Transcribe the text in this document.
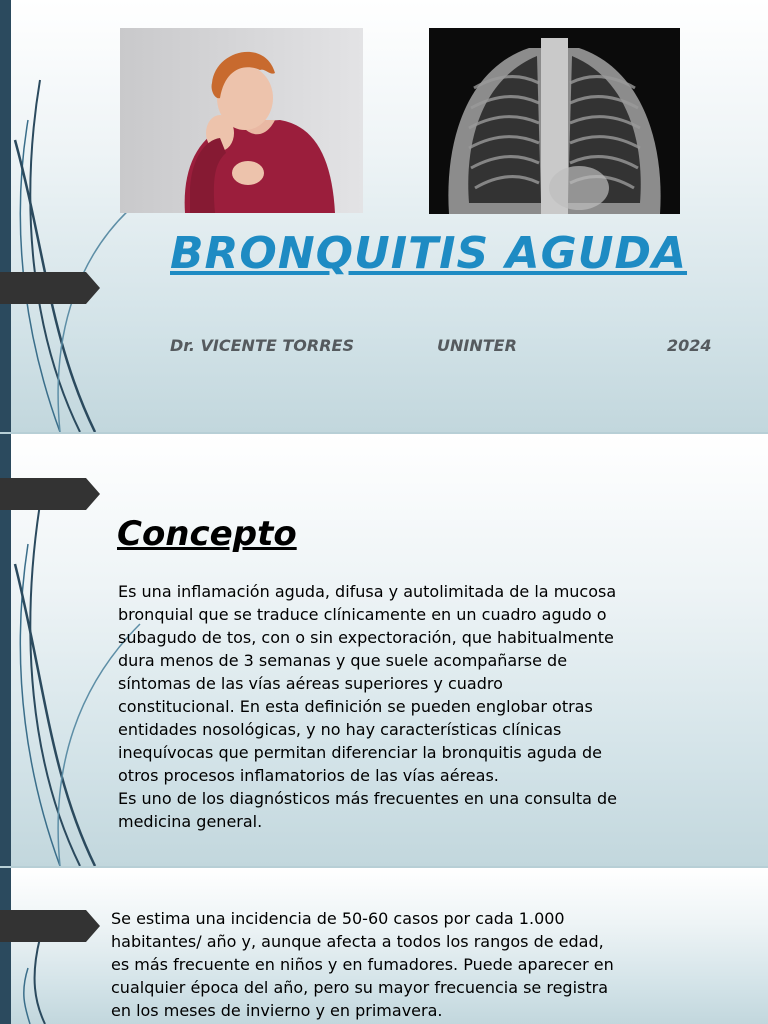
BRONQUITIS AGUDA

Dr. VICENTE TORRES	UNINTER	2024

Concepto
Es una inflamación aguda, difusa y autolimitada de la mucosa
bronquial que se traduce clínicamente en un cuadro agudo o
subagudo de tos, con o sin expectoración, que habitualmente
dura menos de 3 semanas y que suele acompañarse de
síntomas de las vías aéreas superiores y cuadro
constitucional. En esta definición se pueden englobar otras
entidades nosológicas, y no hay características clínicas
inequívocas que permitan diferenciar la bronquitis aguda de
otros procesos inflamatorios de las vías aéreas.
Es uno de los diagnósticos más frecuentes en una consulta de
medicina general.
Se estima una incidencia de 50-60 casos por cada 1.000
habitantes/ año y, aunque afecta a todos los rangos de edad,
es más frecuente en niños y en fumadores. Puede aparecer en
cualquier época del año, pero su mayor frecuencia se registra
en los meses de invierno y en primavera.
